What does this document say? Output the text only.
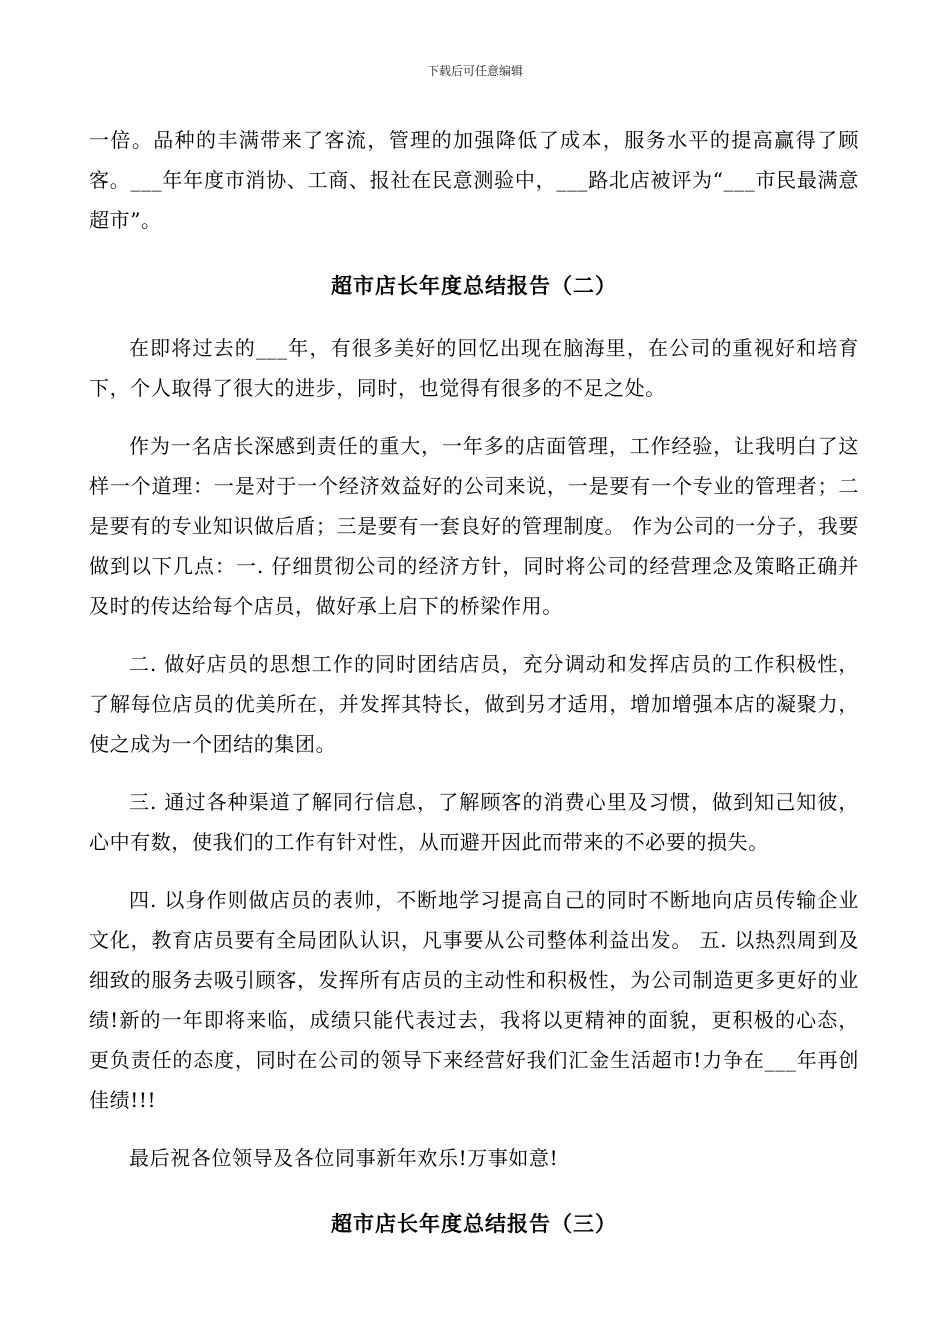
下载后可任意编辑

一倍。品种的丰满带来了客流，管理的加强降低了成本，服务水平的提高赢得了顾客。___年年度市消协、工商、报社在民意测验中，___路北店被评为“___市民最满意超市”。

超市店长年度总结报告（二）

在即将过去的___年，有很多美好的回忆出现在脑海里，在公司的重视好和培育下，个人取得了很大的进步，同时，也觉得有很多的不足之处。

作为一名店长深感到责任的重大，一年多的店面管理，工作经验，让我明白了这样一个道理：一是对于一个经济效益好的公司来说，一是要有一个专业的管理者；二是要有的专业知识做后盾；三是要有一套良好的管理制度。 作为公司的一分子，我要做到以下几点：一. 仔细贯彻公司的经济方针，同时将公司的经营理念及策略正确并及时的传达给每个店员，做好承上启下的桥梁作用。

二. 做好店员的思想工作的同时团结店员，充分调动和发挥店员的工作积极性，了解每位店员的优美所在，并发挥其特长，做到另才适用，增加增强本店的凝聚力，使之成为一个团结的集团。

三. 通过各种渠道了解同行信息，了解顾客的消费心里及习惯，做到知己知彼，心中有数，使我们的工作有针对性，从而避开因此而带来的不必要的损失。

四. 以身作则做店员的表帅，不断地学习提高自己的同时不断地向店员传输企业文化，教育店员要有全局团队认识，凡事要从公司整体利益出发。 五. 以热烈周到及细致的服务去吸引顾客，发挥所有店员的主动性和积极性，为公司制造更多更好的业绩!新的一年即将来临，成绩只能代表过去，我将以更精神的面貌，更积极的心态，更负责任的态度，同时在公司的领导下来经营好我们汇金生活超市!力争在___年再创佳绩!!!

最后祝各位领导及各位同事新年欢乐!万事如意!

超市店长年度总结报告（三）
